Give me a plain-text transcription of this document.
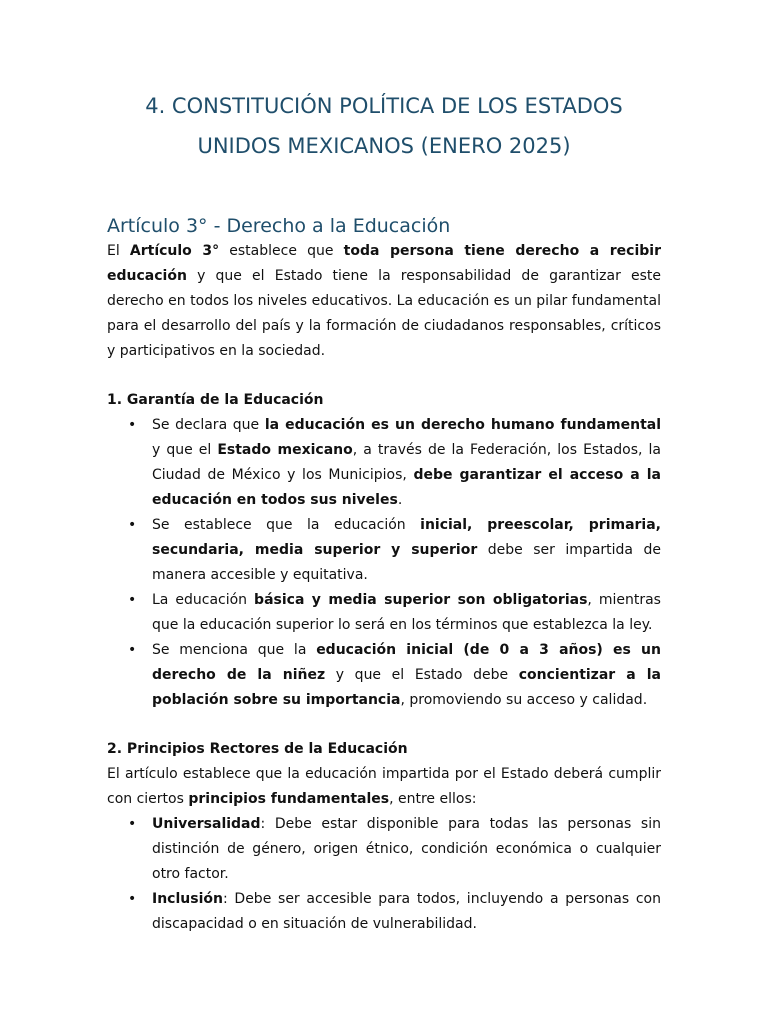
4. CONSTITUCIÓN POLÍTICA DE LOS ESTADOS
UNIDOS MEXICANOS (ENERO 2025)
Artículo 3° - Derecho a la Educación

El Artículo 3° establece que toda persona tiene derecho a recibir educación y que el Estado tiene la responsabilidad de garantizar este derecho en todos los niveles educativos. La educación es un pilar fundamental para el desarrollo del país y la formación de ciudadanos responsables, críticos y participativos en la sociedad.

1. Garantía de la Educación
• Se declara que la educación es un derecho humano fundamental y que el Estado mexicano, a través de la Federación, los Estados, la Ciudad de México y los Municipios, debe garantizar el acceso a la educación en todos sus niveles.
• Se establece que la educación inicial, preescolar, primaria, secundaria, media superior y superior debe ser impartida de manera accesible y equitativa.
• La educación básica y media superior son obligatorias, mientras que la educación superior lo será en los términos que establezca la ley.
• Se menciona que la educación inicial (de 0 a 3 años) es un derecho de la niñez y que el Estado debe concientizar a la población sobre su importancia, promoviendo su acceso y calidad.
2. Principios Rectores de la Educación

El artículo establece que la educación impartida por el Estado deberá cumplir con ciertos principios fundamentales, entre ellos:

• Universalidad: Debe estar disponible para todas las personas sin distinción de género, origen étnico, condición económica o cualquier otro factor.
• Inclusión: Debe ser accesible para todos, incluyendo a personas con discapacidad o en situación de vulnerabilidad.
